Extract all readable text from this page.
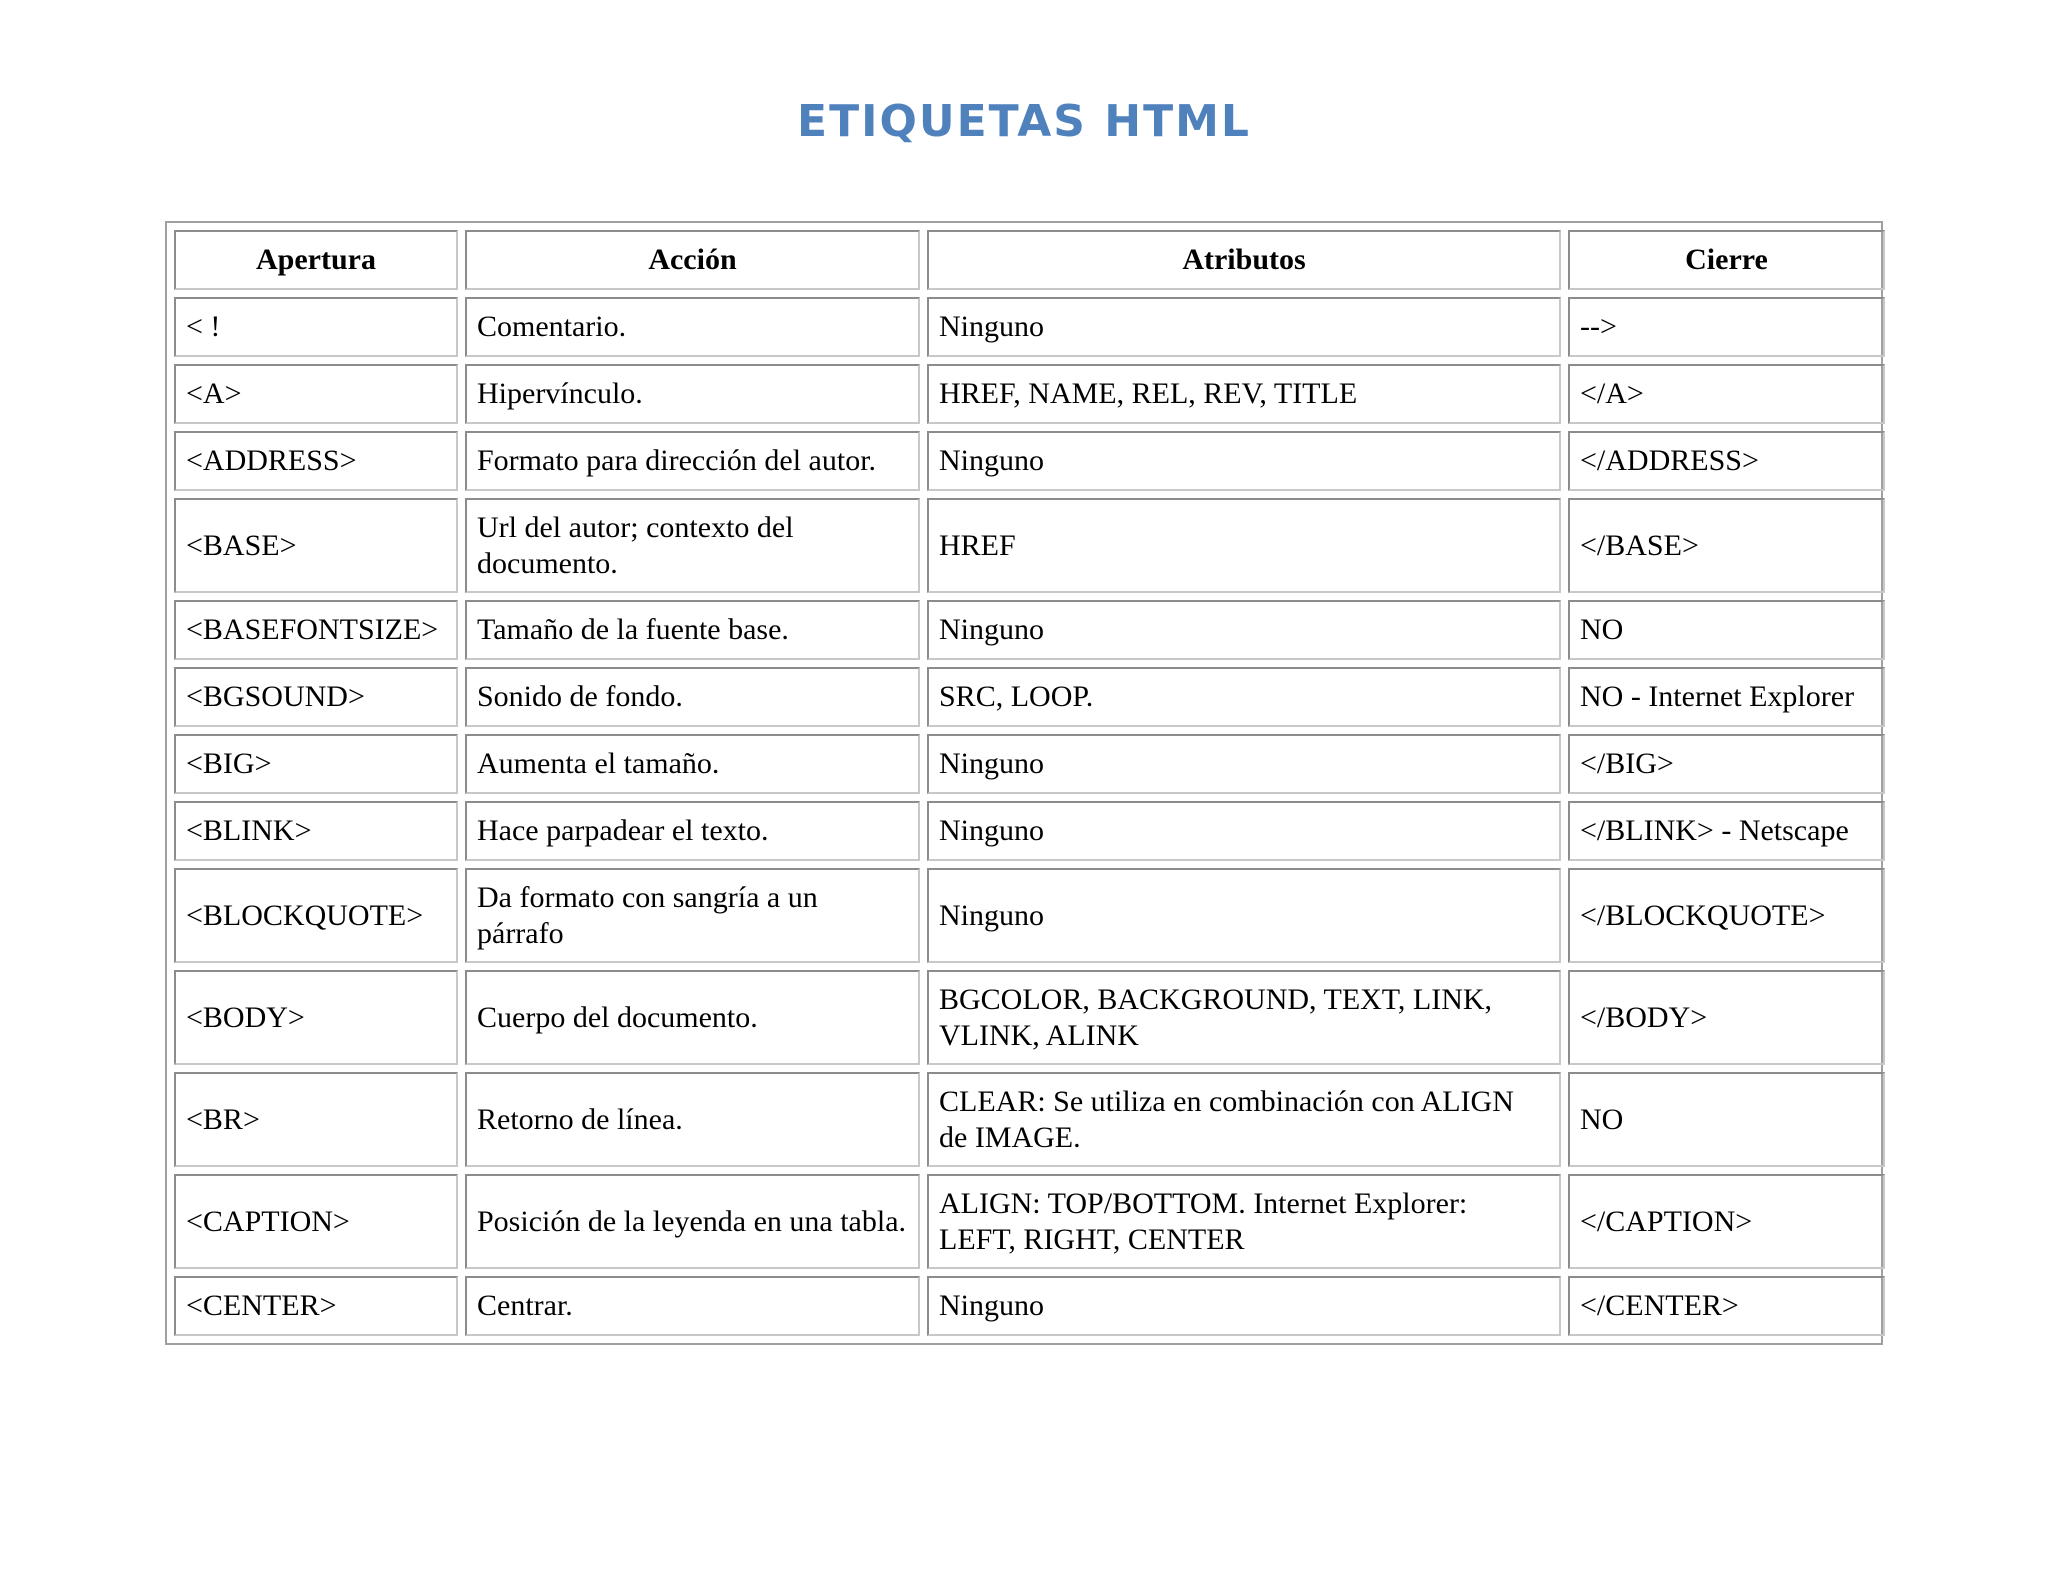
ETIQUETAS HTML
Apertura	Acción	Atributos	Cierre
< !	Comentario.	Ninguno	-->
<A>	Hipervínculo.	HREF, NAME, REL, REV, TITLE	</A>
<ADDRESS>	Formato para dirección del autor.	Ninguno	</ADDRESS>
<BASE>	Url del autor; contexto del documento.	HREF	</BASE>
<BASEFONTSIZE>	Tamaño de la fuente base.	Ninguno	NO
<BGSOUND>	Sonido de fondo.	SRC, LOOP.	NO - Internet Explorer
<BIG>	Aumenta el tamaño.	Ninguno	</BIG>
<BLINK>	Hace parpadear el texto.	Ninguno	</BLINK> - Netscape
<BLOCKQUOTE>	Da formato con sangría a un párrafo	Ninguno	</BLOCKQUOTE>
<BODY>	Cuerpo del documento.	BGCOLOR, BACKGROUND, TEXT, LINK, VLINK, ALINK	</BODY>
<BR>	Retorno de línea.	CLEAR: Se utiliza en combinación con ALIGN de IMAGE.	NO
<CAPTION>	Posición de la leyenda en una tabla.	ALIGN: TOP/BOTTOM. Internet Explorer: LEFT, RIGHT, CENTER	</CAPTION>
<CENTER>	Centrar.	Ninguno	</CENTER>
